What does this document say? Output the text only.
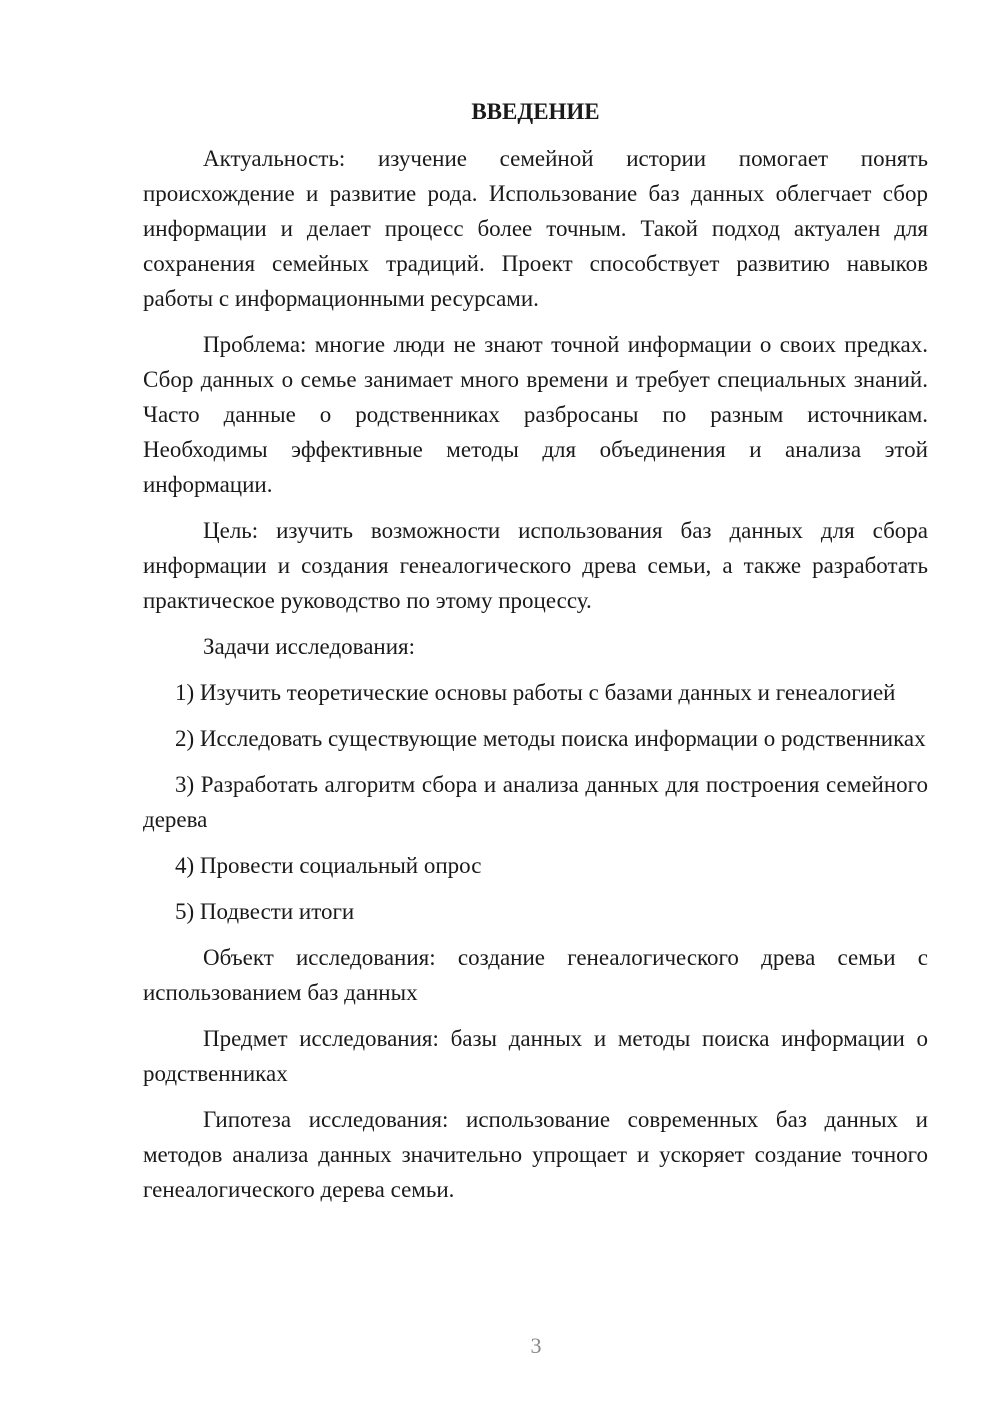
ВВЕДЕНИЕ

Актуальность: изучение семейной истории помогает понять происхождение и развитие рода. Использование баз данных облегчает сбор информации и делает процесс более точным. Такой подход актуален для сохранения семейных традиций. Проект способствует развитию навыков работы с информационными ресурсами.

Проблема: многие люди не знают точной информации о своих предках. Сбор данных о семье занимает много времени и требует специальных знаний. Часто данные о родственниках разбросаны по разным источникам. Необходимы эффективные методы для объединения и анализа этой информации.

Цель: изучить возможности использования баз данных для сбора информации и создания генеалогического древа семьи, а также разработать практическое руководство по этому процессу.

Задачи исследования:

1) Изучить теоретические основы работы с базами данных и генеалогией

2) Исследовать существующие методы поиска информации о родственниках

3) Разработать алгоритм сбора и анализа данных для построения семейного дерева

4) Провести социальный опрос

5) Подвести итоги

Объект исследования: создание генеалогического древа семьи с использованием баз данных

Предмет исследования: базы данных и методы поиска информации о родственниках

Гипотеза исследования: использование современных баз данных и методов анализа данных значительно упрощает и ускоряет создание точного генеалогического дерева семьи.

3
